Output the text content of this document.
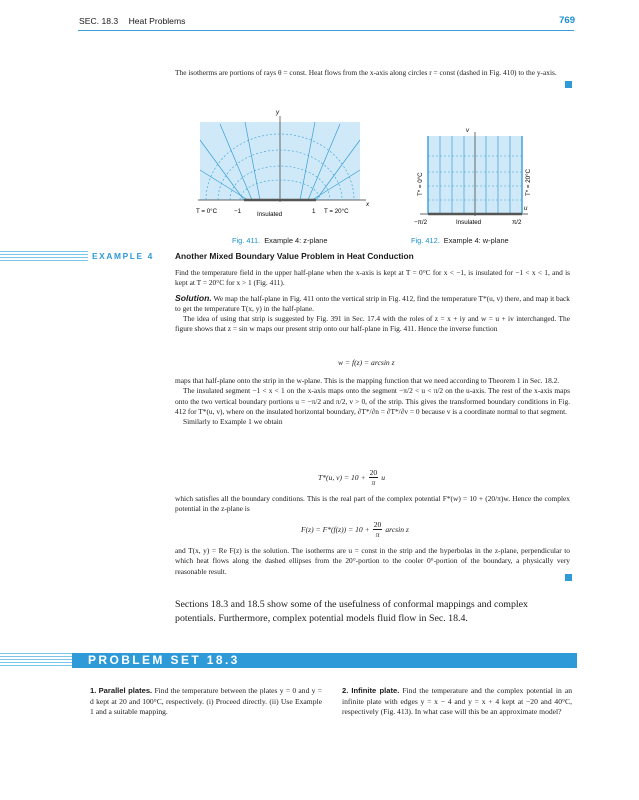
SEC. 18.3 Heat Problems	769
The isotherms are portions of rays θ = const. Heat flows from the x-axis along circles r = const (dashed in Fig. 410) to the y-axis.
y
x
T = 0°C	−1	Insulated	1 T = 20°C
Fig. 411. Example 4: z-plane
v
u
T* = 0°C	T* = 20°C
−π/2	Insulated	π/2
Fig. 412. Example 4: w-plane
EXAMPLE 4	Another Mixed Boundary Value Problem in Heat Conduction
Find the temperature field in the upper half-plane when the x-axis is kept at T = 0°C for x < −1, is insulated for −1 < x < 1, and is kept at T = 20°C for x > 1 (Fig. 411).
Solution. We map the half-plane in Fig. 411 onto the vertical strip in Fig. 412, find the temperature T*(u, v) there, and map it back to get the temperature T(x, y) in the half-plane.
The idea of using that strip is suggested by Fig. 391 in Sec. 17.4 with the roles of z = x + iy and w = u + iv interchanged. The figure shows that z = sin w maps our present strip onto our half-plane in Fig. 411. Hence the inverse function
w = f(z) = arcsin z
maps that half-plane onto the strip in the w-plane. This is the mapping function that we need according to Theorem 1 in Sec. 18.2.
The insulated segment −1 < x < 1 on the x-axis maps onto the segment −π/2 < u < π/2 on the u-axis. The rest of the x-axis maps onto the two vertical boundary portions u = −π/2 and π/2, v > 0, of the strip. This gives the transformed boundary conditions in Fig. 412 for T*(u, v), where on the insulated horizontal boundary, ∂T*/∂n = ∂T*/∂v = 0 because v is a coordinate normal to that segment.
Similarly to Example 1 we obtain
T*(u, $v) = 10 + \frac{20}{\pi}$ u
which satisfies all the boundary conditions. This is the real part of the complex potential F*(w) = 10 + (20/π)w. Hence the complex potential in the z-plane is
$F(z) = F*(f(z)) = 10 + \frac{20}{\pi}$ arcsin z
and T(x, y) = Re F(z) is the solution. The isotherms are u = const in the strip and the hyperbolas in the z-plane, perpendicular to which heat flows along the dashed ellipses from the 20°-portion to the cooler 0°-portion of the boundary, a physically very reasonable result.
Sections 18.3 and 18.5 show some of the usefulness of conformal mappings and complex potentials. Furthermore, complex potential models fluid flow in Sec. 18.4.
PROBLEM SET 18.3
1. Parallel plates. Find the temperature between the plates y = 0 and y = d kept at 20 and 100°C, respectively. (i) Proceed directly. (ii) Use Example 1 and a suitable mapping.
2. Infinite plate. Find the temperature and the complex potential in an infinite plate with edges y = x − 4 and y = x + 4 kept at −20 and 40°C, respectively (Fig. 413). In what case will this be an approximate model?
